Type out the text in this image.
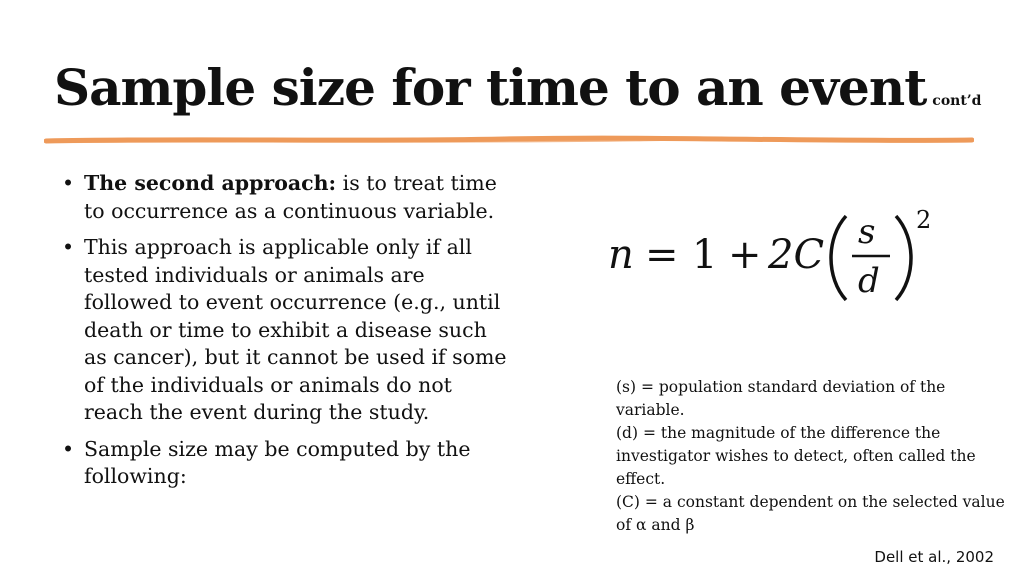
Sample size for time to an event cont’d
• The second approach: is to treat time to occurrence as a continuous variable.
• This approach is applicable only if all tested individuals or animals are followed to event occurrence (e.g., until death or time to exhibit a disease such as cancer), but it cannot be used if some of the individuals or animals do not reach the event during the study.
• Sample size may be computed by the following:
n = 1 + 2C s
d
2
(s) = population standard deviation of the variable.
(d) = the magnitude of the difference the investigator wishes to detect, often called the effect.
(C) = a constant dependent on the selected value of α and β
Dell et al., 2002
